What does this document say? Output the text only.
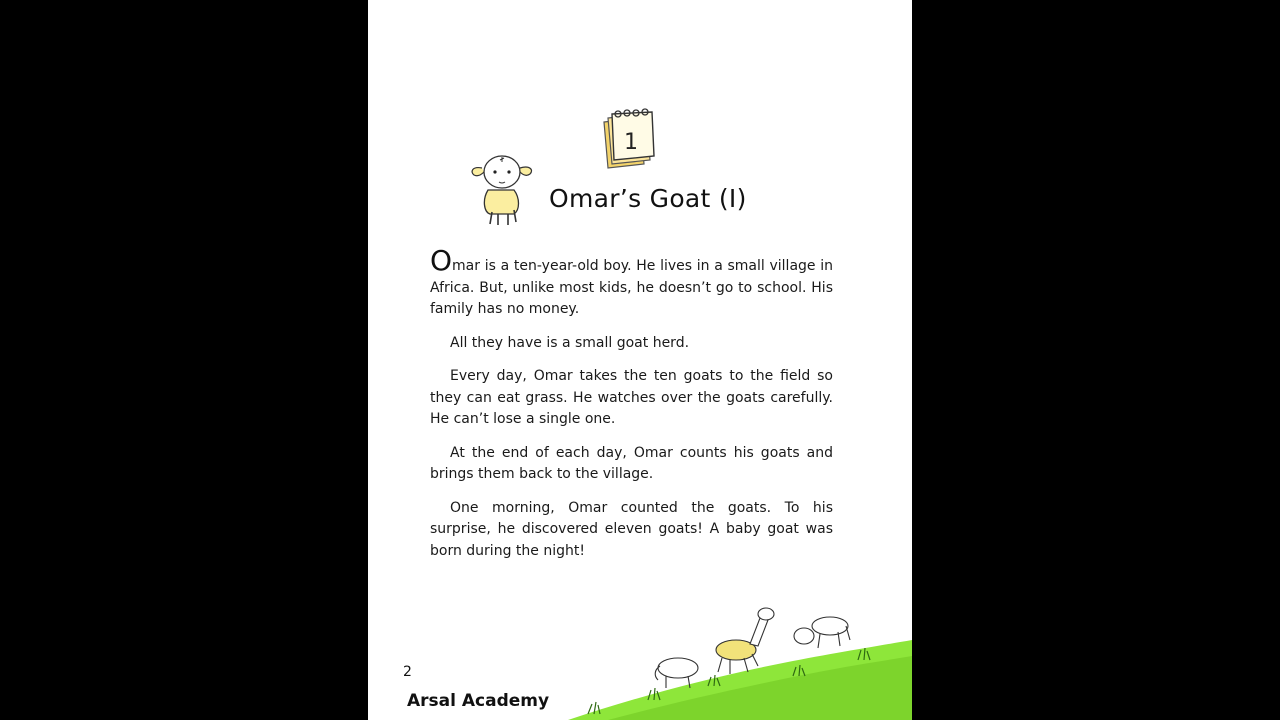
1
Omar’s Goat (I)

Omar is a ten-year-old boy. He lives in a small village in Africa. But, unlike most kids, he doesn’t go to school. His family has no money.

All they have is a small goat herd.

Every day, Omar takes the ten goats to the field so they can eat grass. He watches over the goats carefully. He can’t lose a single one.

At the end of each day, Omar counts his goats and brings them back to the village.

One morning, Omar counted the goats. To his surprise, he discovered eleven goats! A baby goat was born during the night!

2
Arsal Academy
